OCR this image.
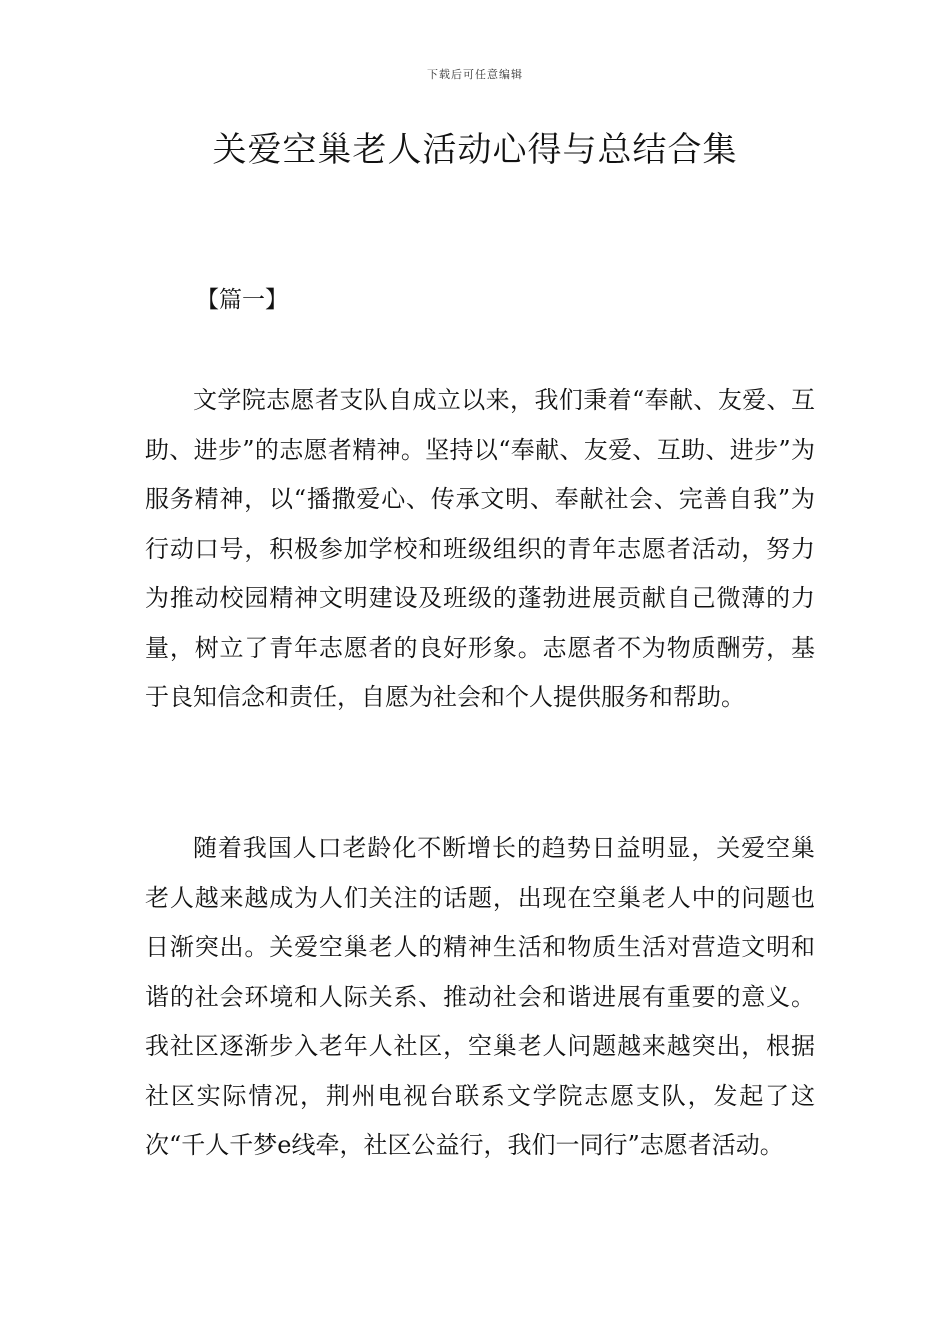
下载后可任意编辑
关爱空巢老人活动心得与总结合集
【篇一】

文学院志愿者支队自成立以来，我们秉着“奉献、友爱、互助、进步”的志愿者精神。坚持以“奉献、友爱、互助、进步”为服务精神，以“播撒爱心、传承文明、奉献社会、完善自我”为行动口号，积极参加学校和班级组织的青年志愿者活动，努力为推动校园精神文明建设及班级的蓬勃进展贡献自己微薄的力量，树立了青年志愿者的良好形象。志愿者不为物质酬劳，基于良知信念和责任，自愿为社会和个人提供服务和帮助。

随着我国人口老龄化不断增长的趋势日益明显，关爱空巢老人越来越成为人们关注的话题，出现在空巢老人中的问题也日渐突出。关爱空巢老人的精神生活和物质生活对营造文明和谐的社会环境和人际关系、推动社会和谐进展有重要的意义。我社区逐渐步入老年人社区，空巢老人问题越来越突出，根据社区实际情况，荆州电视台联系文学院志愿支队，发起了这次“千人千梦e线牵，社区公益行，我们一同行”志愿者活动。
